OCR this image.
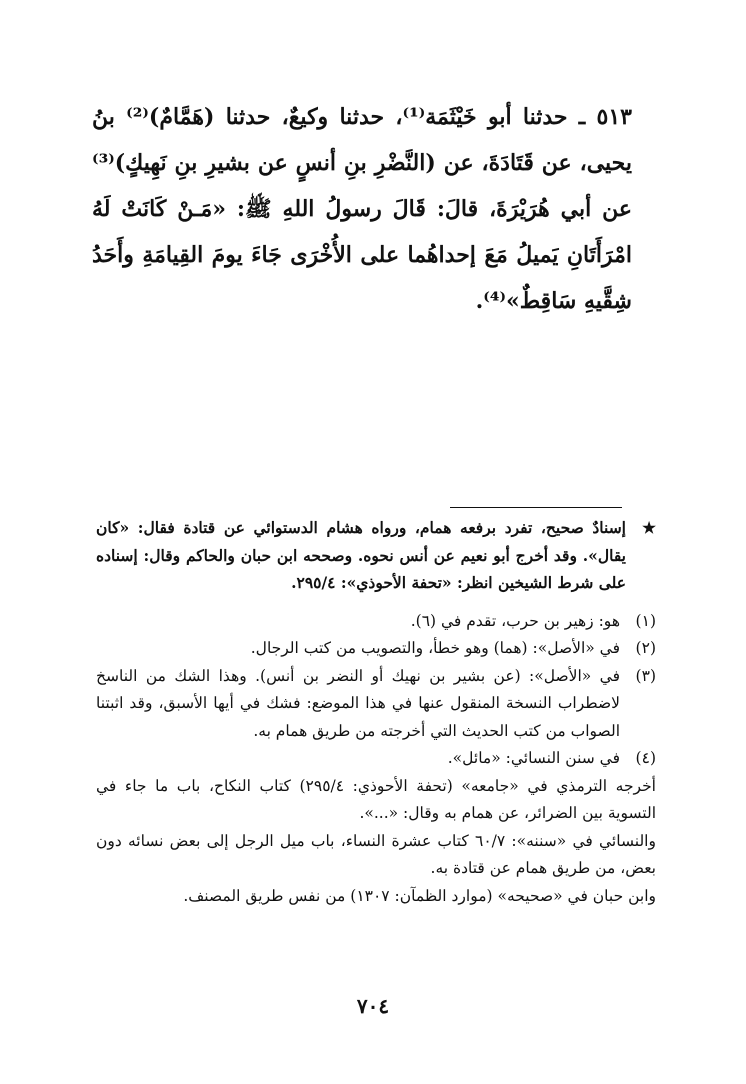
٥١٣ ـ حدثنا أبو خَيْثَمَة⁽¹⁾، حدثنا وكيعٌ، حدثنا (هَمَّامٌ)⁽²⁾ بنُ يحيى، عن قَتَادَةَ، عن (النَّضْرِ بنِ أنسٍ عن بشيرِ بنِ نَهِيكٍ)⁽³⁾ عن أبي هُرَيْرَةَ، قالَ: قَالَ رسولُ اللهِ ﷺ: «مَـنْ كَانَتْ لَهُ امْرَأَتَانِ يَميلُ مَعَ إحداهُما على الأُخْرَى جَاءَ يومَ القِيامَةِ وأَحَدُ شِقَّيهِ سَاقِطٌ»⁽⁴⁾.

★
إسنادٌ صحيح، تفرد برفعه همام، ورواه هشام الدستوائي عن قتادة فقال: «كان يقال». وقد أخرج أبو نعيم عن أنس نحوه. وصححه ابن حبان والحاكم وقال: إسناده على شرط الشيخين انظر: «تحفة الأحوذي»: ٢٩٥/٤.

(١)
هو: زهير بن حرب، تقدم في (٦).

(٢)
في «الأصل»: (هما) وهو خطأ، والتصويب من كتب الرجال.

(٣)
في «الأصل»: (عن بشير بن نهيك أو النضر بن أنس). وهذا الشك من الناسخ لاضطراب النسخة المنقول عنها في هذا الموضع: فشك في أيها الأسبق، وقد اثبتنا الصواب من كتب الحديث التي أخرجته من طريق همام به.

(٤)
في سنن النسائي: «مائل».

أخرجه الترمذي في «جامعه» (تحفة الأحوذي: ٢٩٥/٤) كتاب النكاح، باب ما جاء في التسوية بين الضرائر، عن همام به وقال: «...».

والنسائي في «سننه»: ٦٠/٧ كتاب عشرة النساء، باب ميل الرجل إلى بعض نسائه دون بعض، من طريق همام عن قتادة به.

وابن حبان في «صحيحه» (موارد الظمآن: ١٣٠٧) من نفس طريق المصنف.

٧٠٤
